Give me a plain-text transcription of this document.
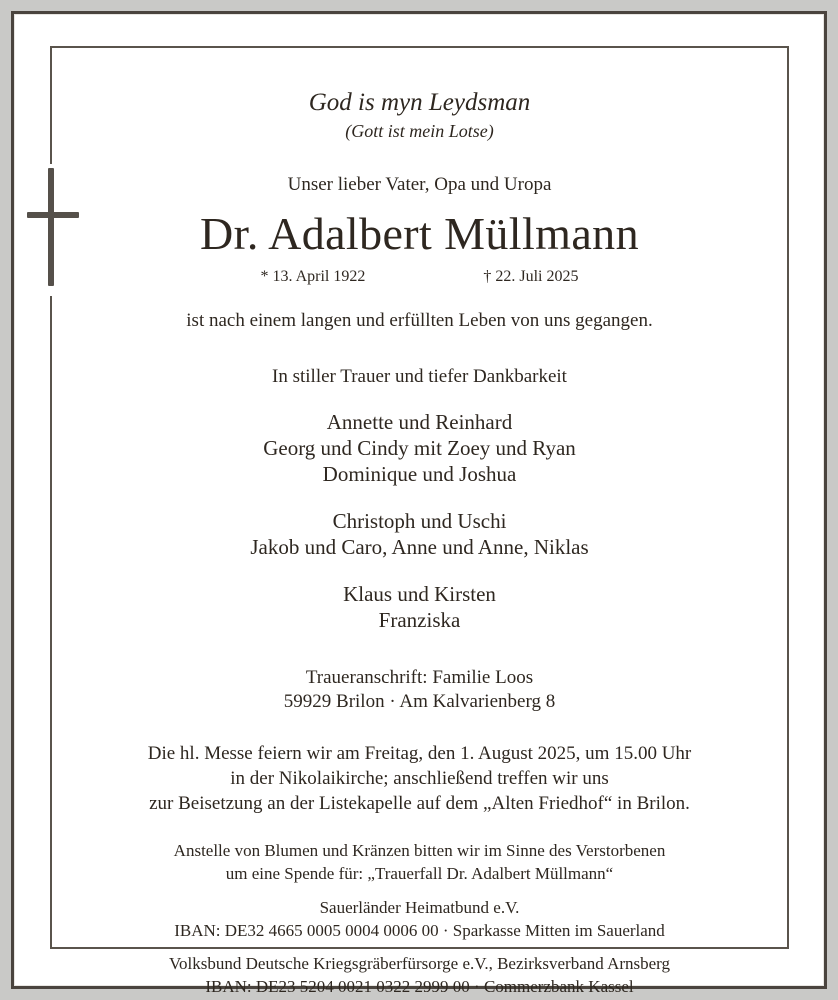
God is myn Leydsman
(Gott ist mein Lotse)
Unser lieber Vater, Opa und Uropa
Dr. Adalbert Müllmann
* 13. April 1922	† 22. Juli 2025
ist nach einem langen und erfüllten Leben von uns gegangen.
In stiller Trauer und tiefer Dankbarkeit
Annette und Reinhard
Georg und Cindy mit Zoey und Ryan
Dominique und Joshua
Christoph und Uschi
Jakob und Caro, Anne und Anne, Niklas
Klaus und Kirsten
Franziska
Traueranschrift: Familie Loos
59929 Brilon · Am Kalvarienberg 8
Die hl. Messe feiern wir am Freitag, den 1. August 2025, um 15.00 Uhr
in der Nikolaikirche; anschließend treffen wir uns
zur Beisetzung an der Listekapelle auf dem „Alten Friedhof“ in Brilon.
Anstelle von Blumen und Kränzen bitten wir im Sinne des Verstorbenen
um eine Spende für: „Trauerfall Dr. Adalbert Müllmann“
Sauerländer Heimatbund e.V.
IBAN: DE32 4665 0005 0004 0006 00 · Sparkasse Mitten im Sauerland
Volksbund Deutsche Kriegsgräberfürsorge e.V., Bezirksverband Arnsberg
IBAN: DE23 5204 0021 0322 2999 00 · Commerzbank Kassel
